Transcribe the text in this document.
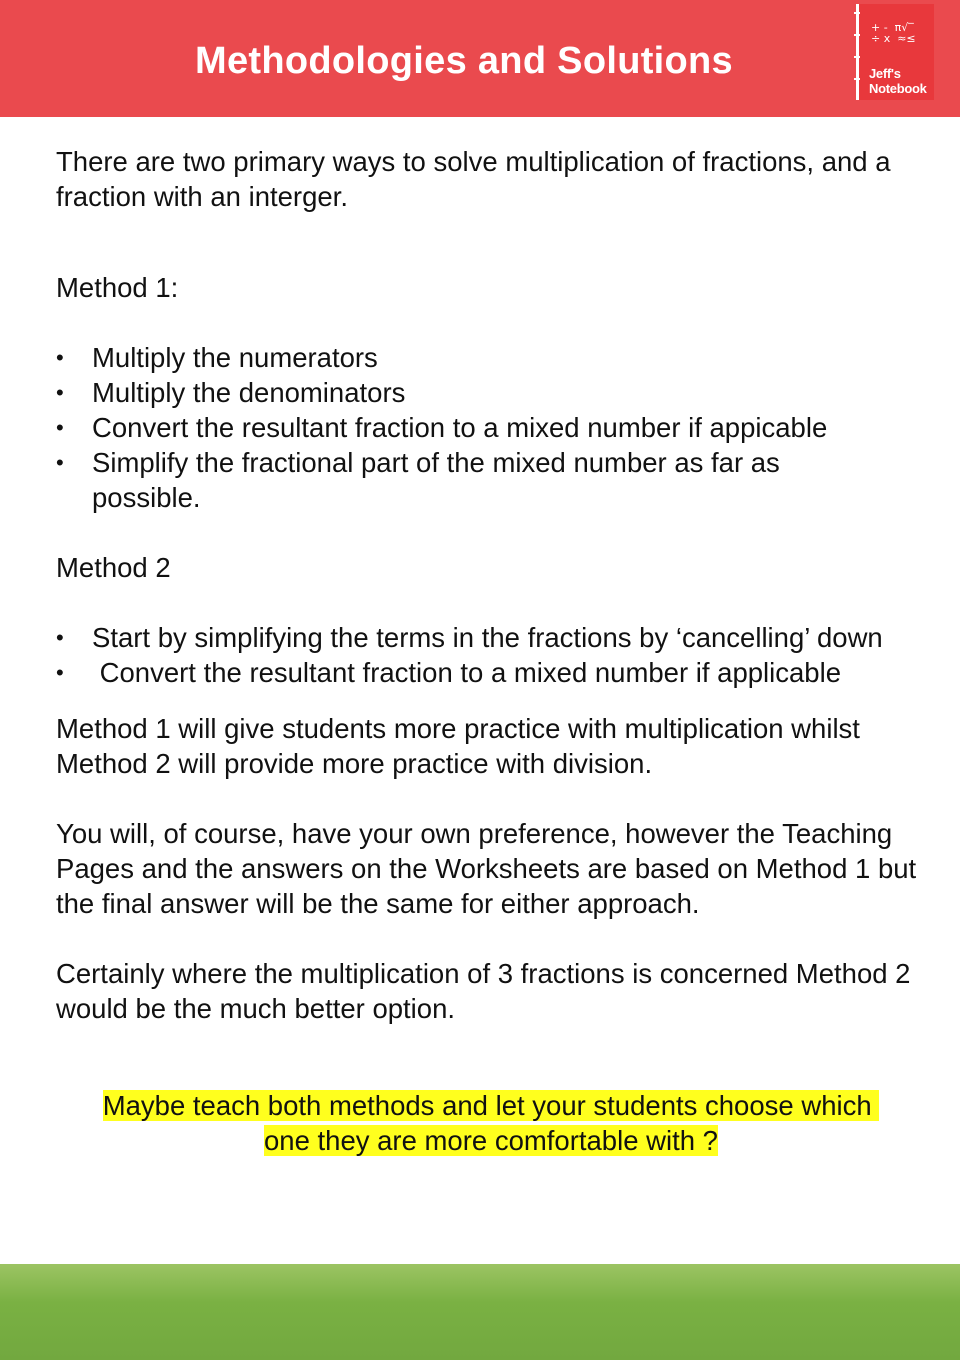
Methodologies and Solutions
+ -  π√‾
÷ x  ≈≤
Jeff's
Notebook

There are two primary ways to solve multiplication of fractions, and a fraction with an interger.

Method 1:

• Multiply the numerators
• Multiply the denominators
• Convert the resultant fraction to a mixed number if appicable
• Simplify the fractional part of the mixed number as far as possible.

Method 2

• Start by simplifying the terms in the fractions by ‘cancelling’ down
• Convert the resultant fraction to a mixed number if applicable

Method 1 will give students more practice with multiplication whilst Method 2 will provide more practice with division.

You will, of course, have your own preference, however the Teaching Pages and the answers on the Worksheets are based on Method 1 but the final answer will be the same for either approach.

Certainly where the multiplication of 3 fractions is concerned Method 2 would be the much better option.

Maybe teach both methods and let your students choose which
one they are more comfortable with ?
